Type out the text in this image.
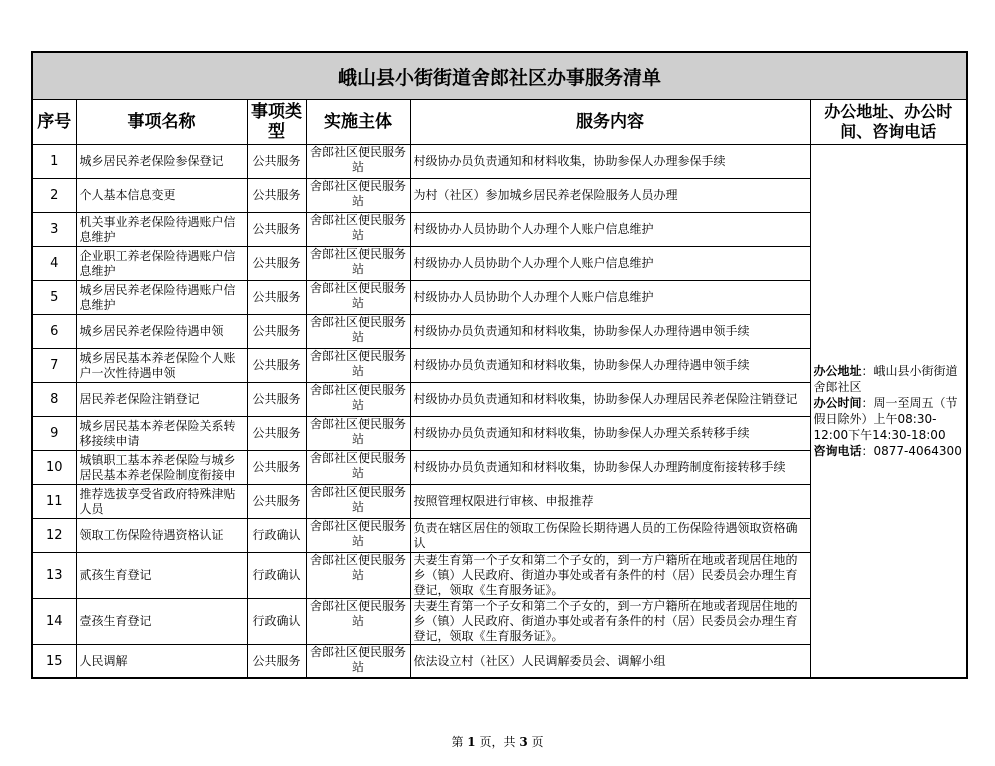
峨山县小街街道舍郎社区办事服务清单					
序号	事项名称	事项类型	实施主体	服务内容	办公地址、办公时间、咨询电话
1	城乡居民养老保险参保登记	公共服务	舍郎社区便民服务站	村级协办员负责通知和材料收集，协助参保人办理参保手续	办公地址：峨山县小街街道舍郎社区
办公时间：周一至周五（节假日除外）上午08:30-12:00下午14:30-18:00
咨询电话：0877-4064300
2	个人基本信息变更	公共服务	舍郎社区便民服务站	为村（社区）参加城乡居民养老保险服务人员办理	
3	机关事业养老保险待遇账户信息维护	公共服务	舍郎社区便民服务站	村级协办人员协助个人办理个人账户信息维护	
4	企业职工养老保险待遇账户信息维护	公共服务	舍郎社区便民服务站	村级协办人员协助个人办理个人账户信息维护	
5	城乡居民养老保险待遇账户信息维护	公共服务	舍郎社区便民服务站	村级协办人员协助个人办理个人账户信息维护	
6	城乡居民养老保险待遇申领	公共服务	舍郎社区便民服务站	村级协办员负责通知和材料收集，协助参保人办理待遇申领手续	
7	城乡居民基本养老保险个人账户一次性待遇申领	公共服务	舍郎社区便民服务站	村级协办员负责通知和材料收集，协助参保人办理待遇申领手续	
8	居民养老保险注销登记	公共服务	舍郎社区便民服务站	村级协办员负责通知和材料收集，协助参保人办理居民养老保险注销登记	
9	城乡居民基本养老保险关系转移接续申请	公共服务	舍郎社区便民服务站	村级协办员负责通知和材料收集，协助参保人办理关系转移手续	
10	城镇职工基本养老保险与城乡居民基本养老保险制度衔接申	公共服务	舍郎社区便民服务站	村级协办员负责通知和材料收集，协助参保人办理跨制度衔接转移手续	
11	推荐选拔享受省政府特殊津贴人员	公共服务	舍郎社区便民服务站	按照管理权限进行审核、申报推荐	
12	领取工伤保险待遇资格认证	行政确认	舍郎社区便民服务站	负责在辖区居住的领取工伤保险长期待遇人员的工伤保险待遇领取资格确认	
13	贰孩生育登记	行政确认	舍郎社区便民服务站	夫妻生育第一个子女和第二个子女的，到一方户籍所在地或者现居住地的乡（镇）人民政府、街道办事处或者有条件的村（居）民委员会办理生育登记，领取《生育服务证》。	
14	壹孩生育登记	行政确认	舍郎社区便民服务站	夫妻生育第一个子女和第二个子女的，到一方户籍所在地或者现居住地的乡（镇）人民政府、街道办事处或者有条件的村（居）民委员会办理生育登记，领取《生育服务证》。	
15	人民调解	公共服务	舍郎社区便民服务站	依法设立村（社区）人民调解委员会、调解小组	
第 1 页，共 3 页
